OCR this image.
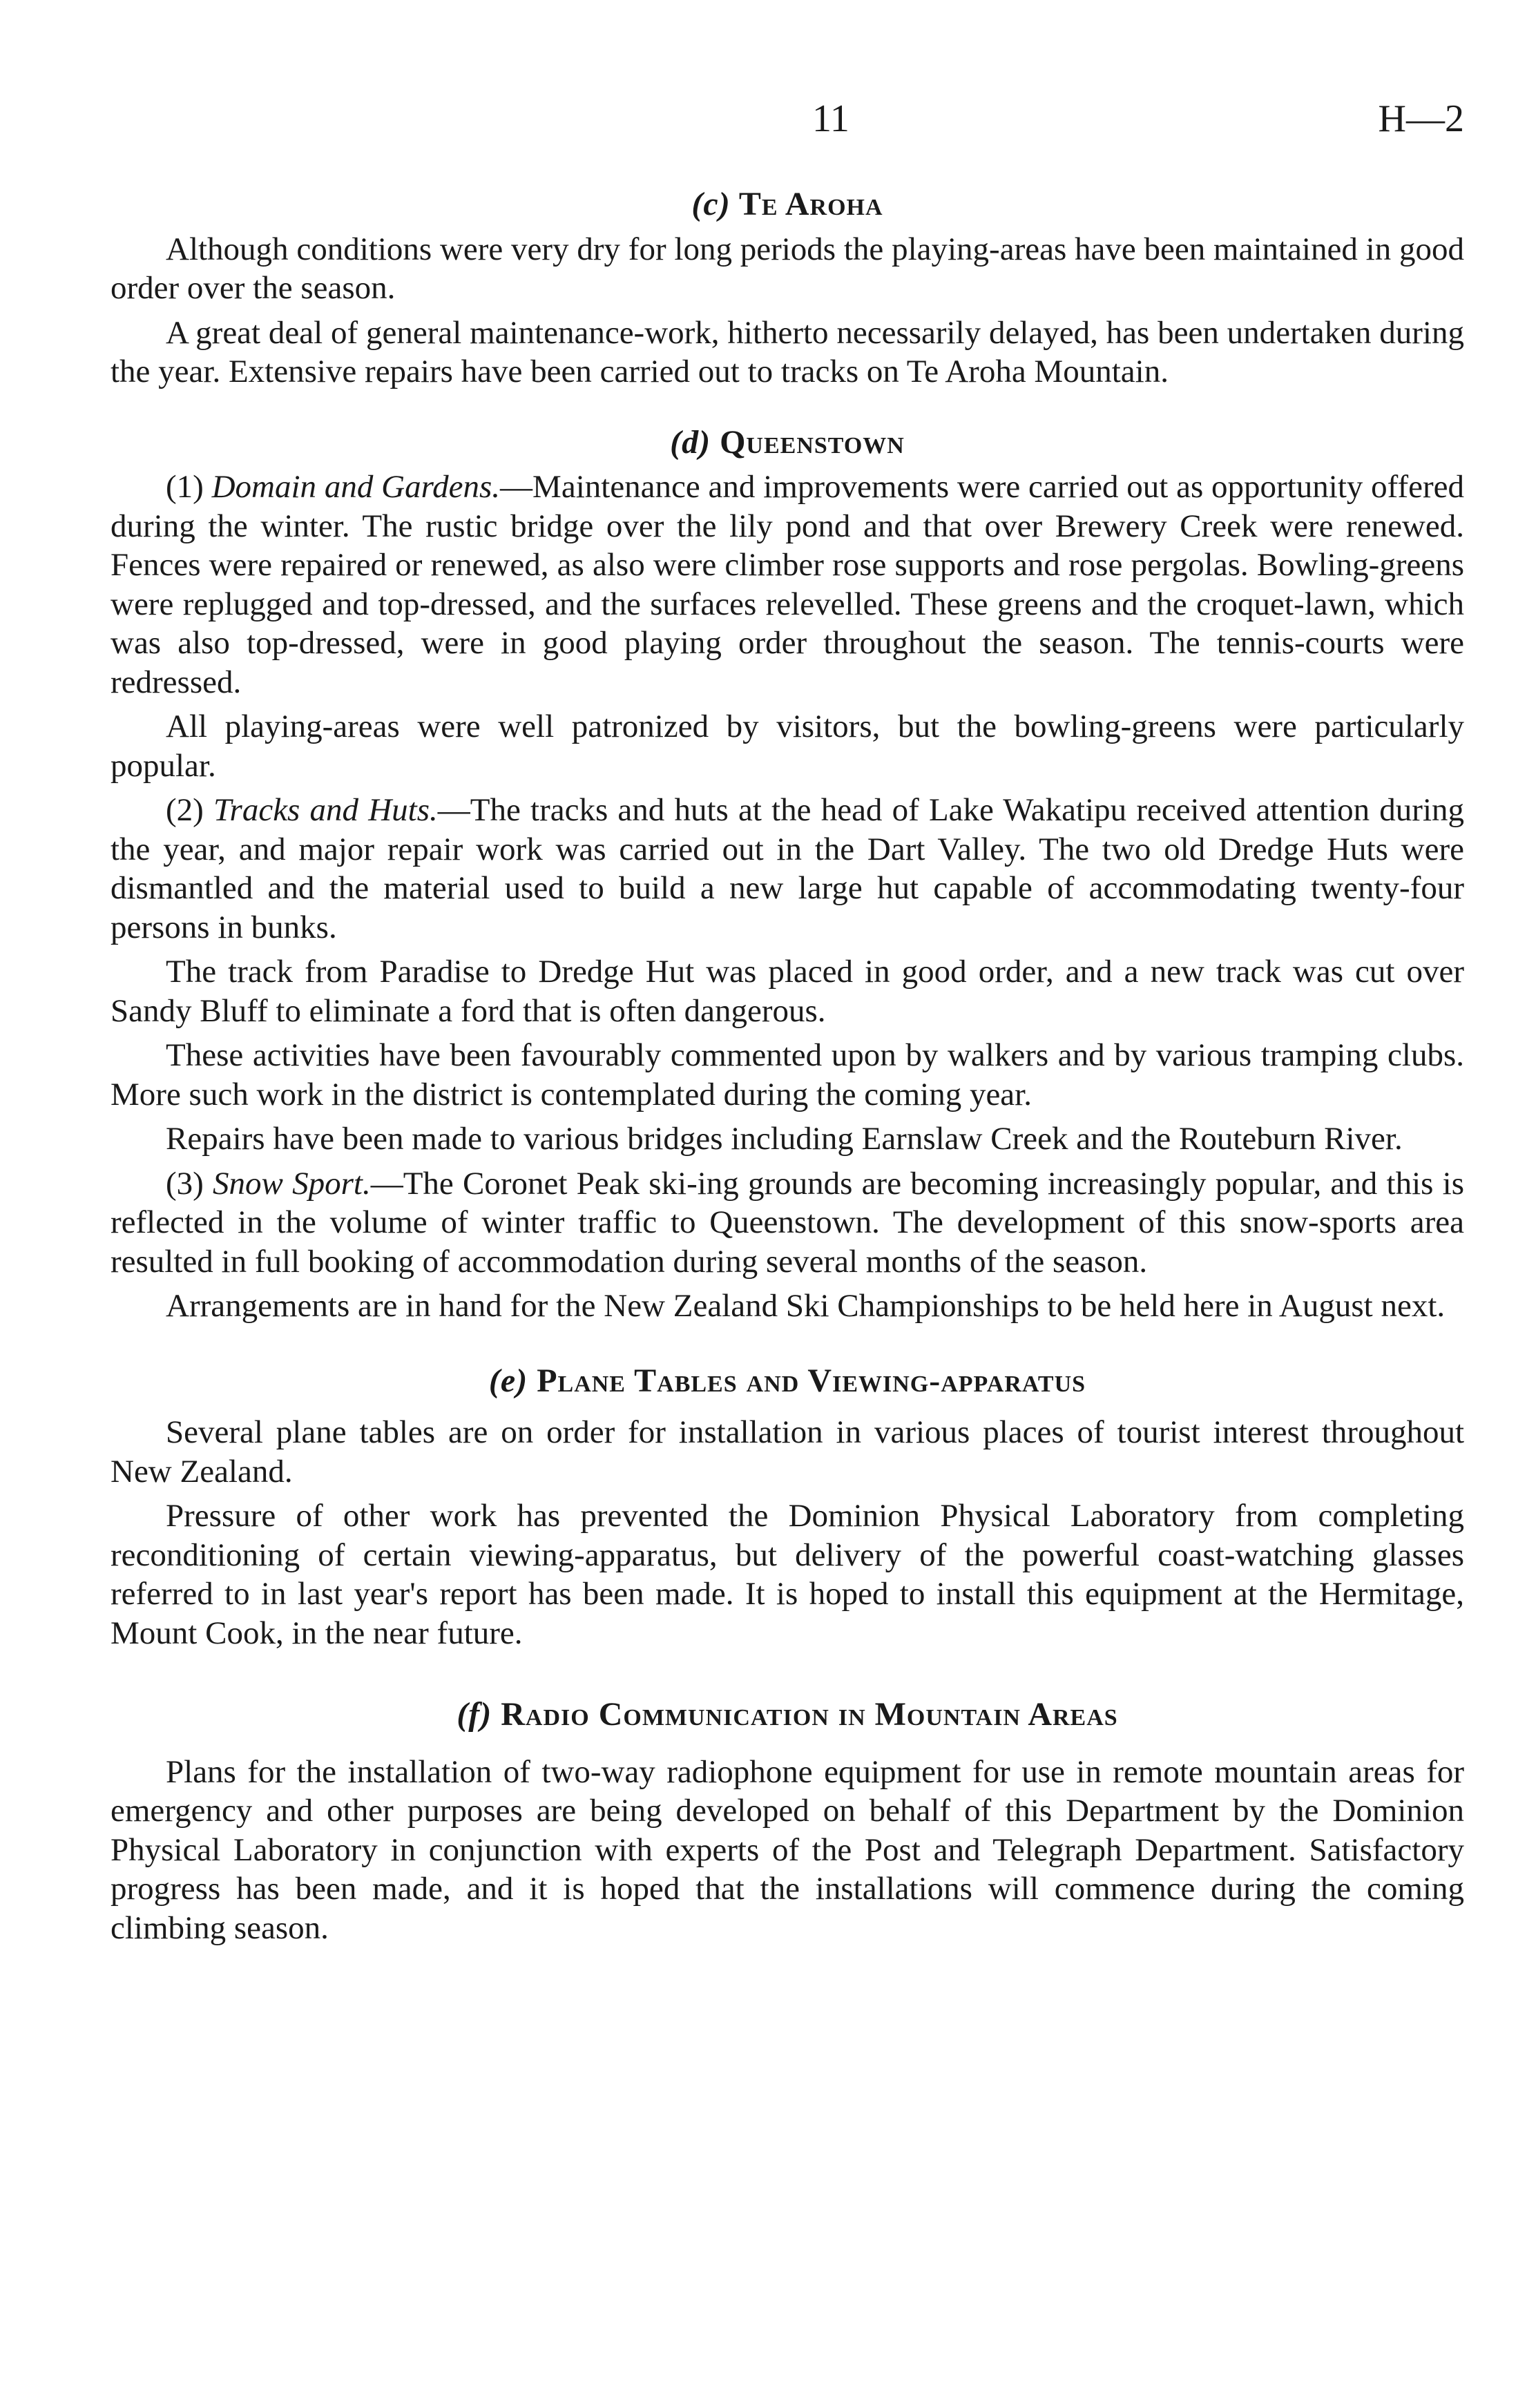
11	H—2
(c) Te Aroha

Although conditions were very dry for long periods the playing-areas have been maintained in good order over the season.

A great deal of general maintenance-work, hitherto necessarily delayed, has been undertaken during the year. Extensive repairs have been carried out to tracks on Te Aroha Mountain.

(d) Queenstown

(1) Domain and Gardens.—Maintenance and improvements were carried out as opportunity offered during the winter. The rustic bridge over the lily pond and that over Brewery Creek were renewed. Fences were repaired or renewed, as also were climber rose supports and rose pergolas. Bowling-greens were replugged and top-dressed, and the surfaces relevelled. These greens and the croquet-lawn, which was also top-dressed, were in good playing order throughout the season. The tennis-courts were redressed.

All playing-areas were well patronized by visitors, but the bowling-greens were particularly popular.

(2) Tracks and Huts.—The tracks and huts at the head of Lake Wakatipu received attention during the year, and major repair work was carried out in the Dart Valley. The two old Dredge Huts were dismantled and the material used to build a new large hut capable of accommodating twenty-four persons in bunks.

The track from Paradise to Dredge Hut was placed in good order, and a new track was cut over Sandy Bluff to eliminate a ford that is often dangerous.

These activities have been favourably commented upon by walkers and by various tramping clubs. More such work in the district is contemplated during the coming year.

Repairs have been made to various bridges including Earnslaw Creek and the Routeburn River.

(3) Snow Sport.—The Coronet Peak ski-ing grounds are becoming increasingly popular, and this is reflected in the volume of winter traffic to Queenstown. The development of this snow-sports area resulted in full booking of accommodation during several months of the season.

Arrangements are in hand for the New Zealand Ski Championships to be held here in August next.

(e) Plane Tables and Viewing-apparatus

Several plane tables are on order for installation in various places of tourist interest throughout New Zealand.

Pressure of other work has prevented the Dominion Physical Laboratory from completing reconditioning of certain viewing-apparatus, but delivery of the powerful coast-watching glasses referred to in last year's report has been made. It is hoped to install this equipment at the Hermitage, Mount Cook, in the near future.

(f) Radio Communication in Mountain Areas

Plans for the installation of two-way radiophone equipment for use in remote mountain areas for emergency and other purposes are being developed on behalf of this Department by the Dominion Physical Laboratory in conjunction with experts of the Post and Telegraph Department. Satisfactory progress has been made, and it is hoped that the installations will commence during the coming climbing season.
